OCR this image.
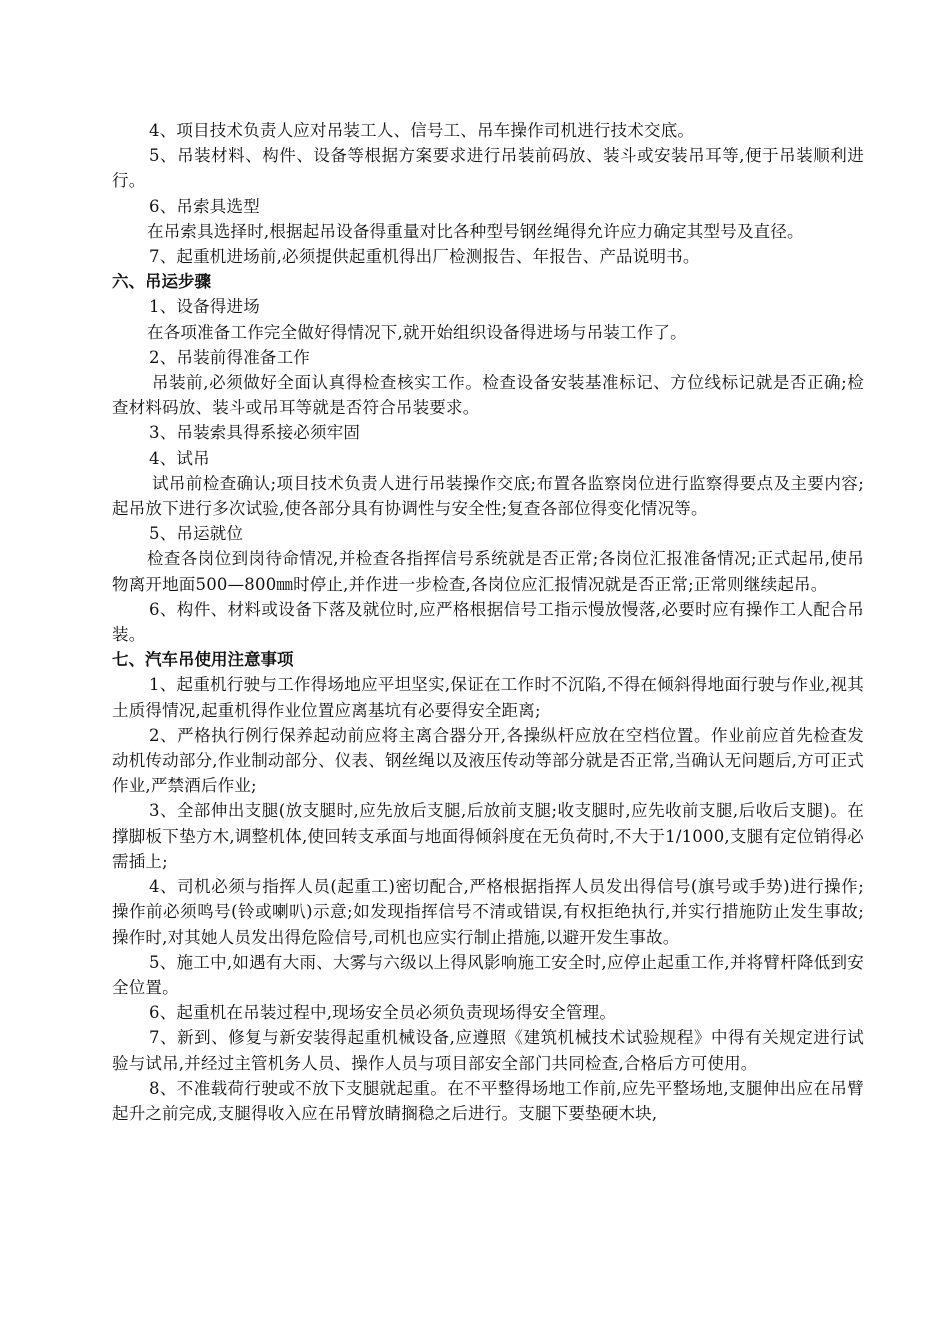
4、项目技术负责人应对吊装工人、信号工、吊车操作司机进行技术交底。

5、吊装材料、构件、设备等根据方案要求进行吊装前码放、装斗或安装吊耳等,便于吊装顺利进行。

6、吊索具选型

在吊索具选择时,根据起吊设备得重量对比各种型号钢丝绳得允许应力确定其型号及直径。

7、起重机进场前,必须提供起重机得出厂检测报告、年报告、产品说明书。

六、吊运步骤

1、设备得进场

在各项准备工作完全做好得情况下,就开始组织设备得进场与吊装工作了。

2、吊装前得准备工作

吊装前,必须做好全面认真得检查核实工作。检查设备安装基准标记、方位线标记就是否正确;检查材料码放、装斗或吊耳等就是否符合吊装要求。

3、吊装索具得系接必须牢固

4、试吊

试吊前检查确认;项目技术负责人进行吊装操作交底;布置各监察岗位进行监察得要点及主要内容;起吊放下进行多次试验,使各部分具有协调性与安全性;复查各部位得变化情况等。

5、吊运就位

检查各岗位到岗待命情况,并检查各指挥信号系统就是否正常;各岗位汇报准备情况;正式起吊,使吊物离开地面500—800㎜时停止,并作进一步检查,各岗位应汇报情况就是否正常;正常则继续起吊。

6、构件、材料或设备下落及就位时,应严格根据信号工指示慢放慢落,必要时应有操作工人配合吊装。

七、汽车吊使用注意事项

1、起重机行驶与工作得场地应平坦坚实,保证在工作时不沉陷,不得在倾斜得地面行驶与作业,视其土质得情况,起重机得作业位置应离基坑有必要得安全距离;

2、严格执行例行保养起动前应将主离合器分开,各操纵杆应放在空档位置。作业前应首先检查发动机传动部分,作业制动部分、仪表、钢丝绳以及液压传动等部分就是否正常,当确认无问题后,方可正式作业,严禁酒后作业;

3、全部伸出支腿(放支腿时,应先放后支腿,后放前支腿;收支腿时,应先收前支腿,后收后支腿)。在撑脚板下垫方木,调整机体,使回转支承面与地面得倾斜度在无负荷时,不大于1/1000,支腿有定位销得必需插上;

4、司机必须与指挥人员(起重工)密切配合,严格根据指挥人员发出得信号(旗号或手势)进行操作;操作前必须鸣号(铃或喇叭)示意;如发现指挥信号不清或错误,有权拒绝执行,并实行措施防止发生事故;操作时,对其她人员发出得危险信号,司机也应实行制止措施,以避开发生事故。

5、施工中,如遇有大雨、大雾与六级以上得风影响施工安全时,应停止起重工作,并将臂杆降低到安全位置。

6、起重机在吊装过程中,现场安全员必须负责现场得安全管理。

7、新到、修复与新安装得起重机械设备,应遵照《建筑机械技术试验规程》中得有关规定进行试验与试吊,并经过主管机务人员、操作人员与项目部安全部门共同检查,合格后方可使用。

8、不准载荷行驶或不放下支腿就起重。在不平整得场地工作前,应先平整场地,支腿伸出应在吊臂起升之前完成,支腿得收入应在吊臂放睛搁稳之后进行。支腿下要垫硬木块,
